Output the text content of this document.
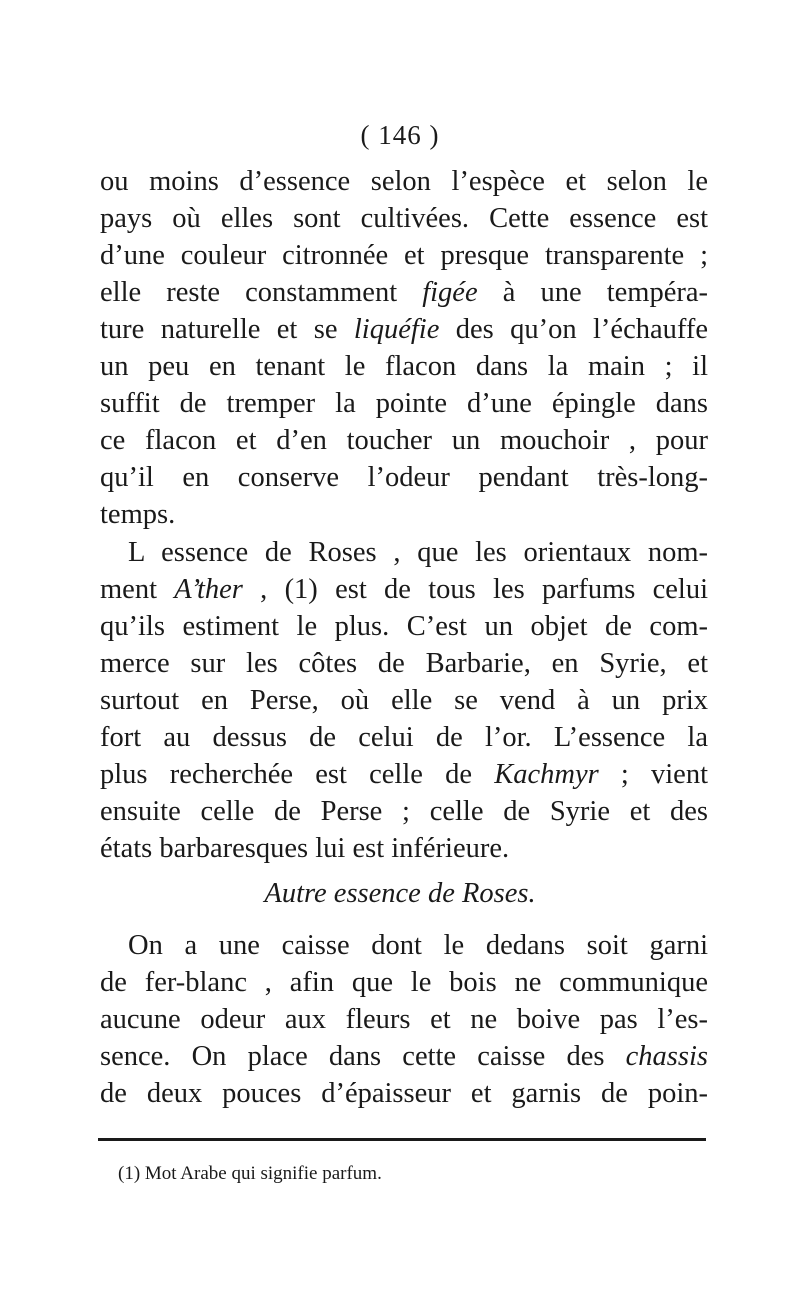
( 146 )
ou moins d’essence selon l’espèce et selon le
pays où elles sont cultivées. Cette essence est
d’une couleur citronnée et presque transparente ;
elle reste constamment figée à une tempéra-
ture naturelle et se liquéfie des qu’on l’échauffe
un peu en tenant le flacon dans la main ; il
suffit de tremper la pointe d’une épingle dans
ce flacon et d’en toucher un mouchoir , pour
qu’il en conserve l’odeur pendant très-long-
temps.
L essence de Roses , que les orientaux nom-
ment A’ther , (1) est de tous les parfums celui
qu’ils estiment le plus. C’est un objet de com-
merce sur les côtes de Barbarie, en Syrie, et
surtout en Perse, où elle se vend à un prix
fort au dessus de celui de l’or. L’essence la
plus recherchée est celle de Kachmyr ; vient
ensuite celle de Perse ; celle de Syrie et des
états barbaresques lui est inférieure.
Autre essence de Roses.
On a une caisse dont le dedans soit garni
de fer-blanc , afin que le bois ne communique
aucune odeur aux fleurs et ne boive pas l’es-
sence. On place dans cette caisse des chassis
de deux pouces d’épaisseur et garnis de poin-
(1) Mot Arabe qui signifie parfum.
